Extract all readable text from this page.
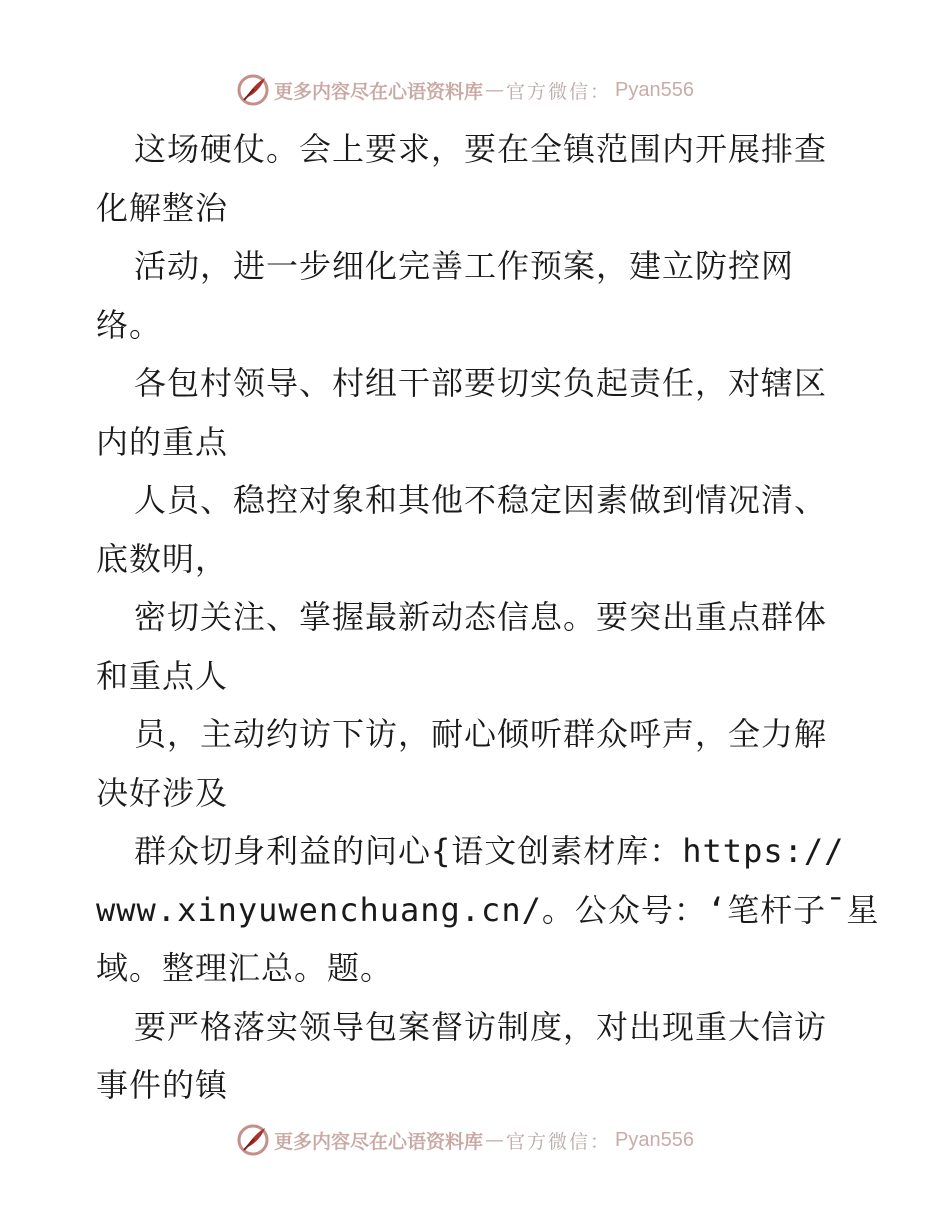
更多内容尽在心语资料库 — 官方微信： Pyan556
这场硬仗。会上要求，要在全镇范围内开展排查
化解整治
活动，进一步细化完善工作预案，建立防控网
络。
各包村领导、村组干部要切实负起责任，对辖区
内的重点
人员、稳控对象和其他不稳定因素做到情况清、
底数明，
密切关注、掌握最新动态信息。要突出重点群体
和重点人
员，主动约访下访，耐心倾听群众呼声，全力解
决好涉及
群众切身利益的问心{语文创素材库：https://
www.xinyuwenchuang.cn/。公众号：‘笔杆子¯星
域。整理汇总。题。
要严格落实领导包案督访制度，对出现重大信访
事件的镇
更多内容尽在心语资料库 — 官方微信： Pyan556
